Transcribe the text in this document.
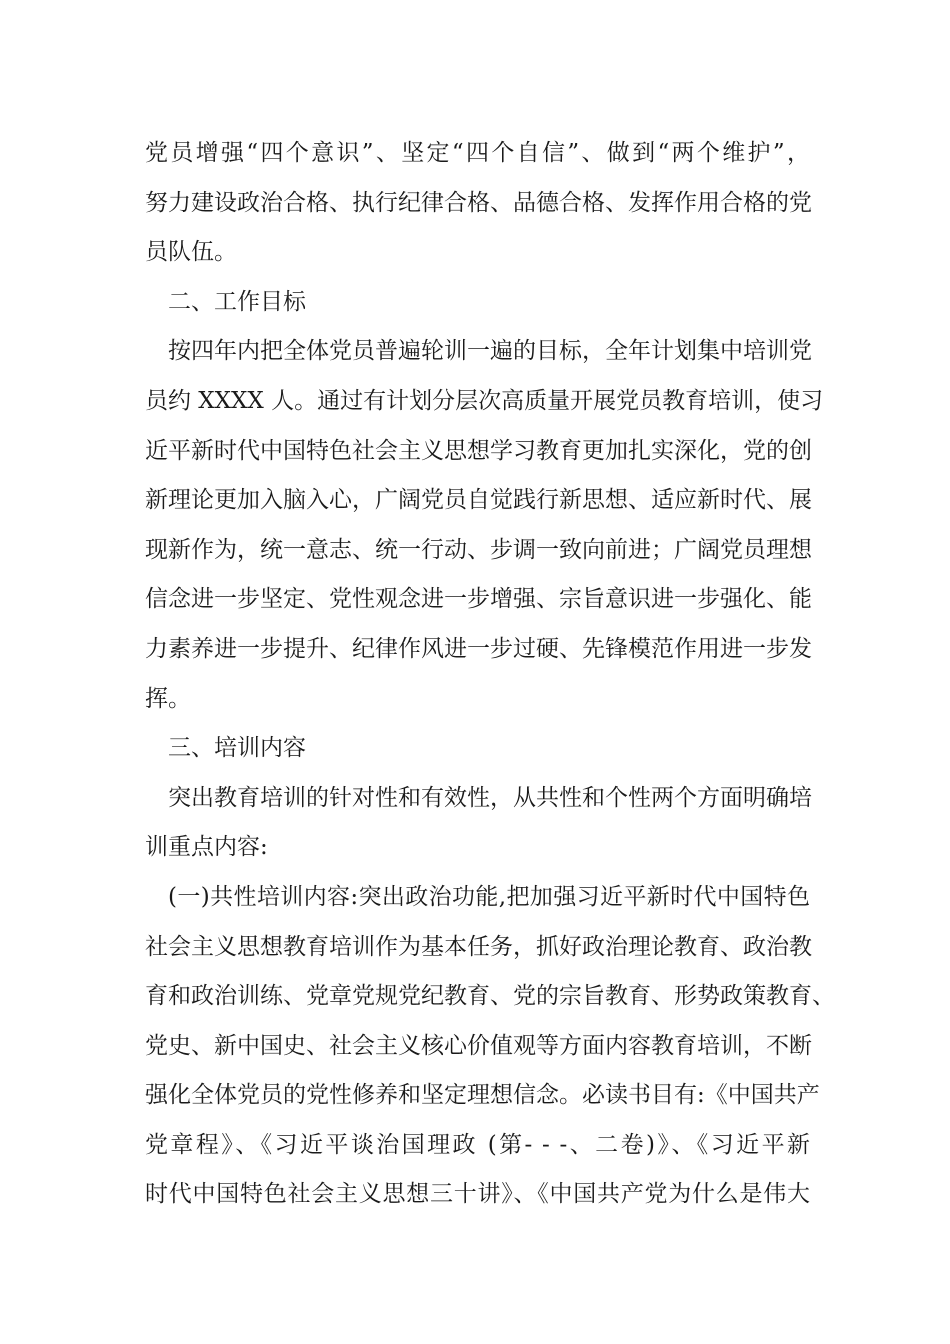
党员增强“四个意识”、坚定“四个自信”、做到“两个维护”，
努力建设政治合格、执行纪律合格、品德合格、发挥作用合格的党
员队伍。
二、工作目标
按四年内把全体党员普遍轮训一遍的目标，全年计划集中培训党
员约 XXXX 人。通过有计划分层次高质量开展党员教育培训，使习
近平新时代中国特色社会主义思想学习教育更加扎实深化，党的创
新理论更加入脑入心，广阔党员自觉践行新思想、适应新时代、展
现新作为，统一意志、统一行动、步调一致向前进；广阔党员理想
信念进一步坚定、党性观念进一步增强、宗旨意识进一步强化、能
力素养进一步提升、纪律作风进一步过硬、先锋模范作用进一步发
挥。
三、培训内容
突出教育培训的针对性和有效性，从共性和个性两个方面明确培
训重点内容:
(一)共性培训内容:突出政治功能,把加强习近平新时代中国特色
社会主义思想教育培训作为基本任务，抓好政治理论教育、政治教
育和政治训练、党章党规党纪教育、党的宗旨教育、形势政策教育、
党史、新中国史、社会主义核心价值观等方面内容教育培训，不断
强化全体党员的党性修养和坚定理想信念。必读书目有:《中国共产
党章程》、《习近平谈治国理政 (第- - -、二卷)》、《习近平新
时代中国特色社会主义思想三十讲》、《中国共产党为什么是伟大
